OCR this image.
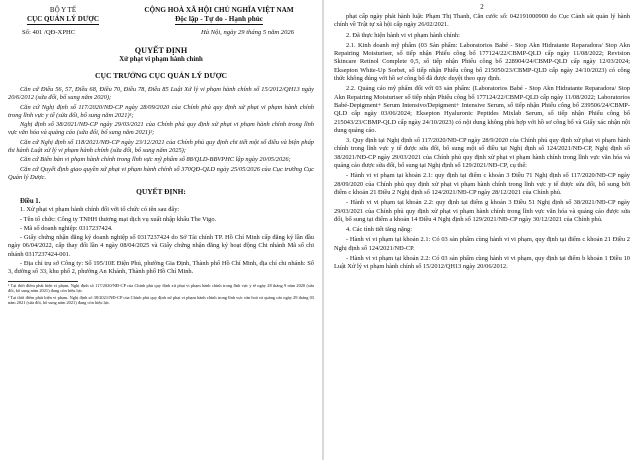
BỘ Y TẾ
CỤC QUẢN LÝ DƯỢC
CỘNG HOÀ XÃ HỘI CHỦ NGHĨA VIỆT NAM
Độc lập - Tự do - Hạnh phúc
Số: 401 /QĐ-XPHC	Hà Nội, ngày 29 tháng 5 năm 2026
QUYẾT ĐỊNH
Xử phạt vi phạm hành chính
CỤC TRƯỞNG CỤC QUẢN LÝ DƯỢC

Căn cứ Điều 56, 57, Điều 68, Điều 70, Điều 78, Điều 85 Luật Xử lý vi phạm hành chính số 15/2012/QH13 ngày 20/6/2012 (sửa đổi, bổ sung năm 2020);

Căn cứ Nghị định số 117/2020/NĐ-CP ngày 28/09/2020 của Chính phủ quy định xử phạt vi phạm hành chính trong lĩnh vực y tế (sửa đổi, bổ sung năm 2021)¹;

Nghị định số 38/2021/NĐ-CP ngày 29/03/2021 của Chính phủ quy định xử phạt vi phạm hành chính trong lĩnh vực văn hóa và quảng cáo (sửa đổi, bổ sung năm 2021)²;

Căn cứ Nghị định số 118/2021/NĐ-CP ngày 23/12/2021 của Chính phủ quy định chi tiết một số điều và biện pháp thi hành Luật xử lý vi phạm hành chính (sửa đổi, bổ sung năm 2025);

Căn cứ Biên bản vi phạm hành chính trong lĩnh vực mỹ phẩm số 88/QLD-BBVPHC lập ngày 20/05/2026;

Căn cứ Quyết định giao quyền xử phạt vi phạm hành chính số 370QĐ-QLD ngày 25/05/2026 của Cục trưởng Cục Quản lý Dược.

QUYẾT ĐỊNH:
Điều 1.

1. Xử phạt vi phạm hành chính đối với tổ chức có tên sau đây:

- Tên tổ chức: Công ty TNHH thương mại dịch vụ xuất nhập khẩu The Vigo.

- Mã số doanh nghiệp: 0317237424.

- Giấy chứng nhận đăng ký doanh nghiệp số 0317237424 do Sở Tài chính TP. Hồ Chí Minh cấp đăng ký lần đầu ngày 06/04/2022, cấp thay đổi lần 4 ngày 08/04/2025 và Giấy chứng nhận đăng ký hoạt động Chi nhánh Mã số chi nhánh 0317237424-001.

- Địa chỉ trụ sở Công ty: Số 195/10E Điện Phủ, phường Gia Định, Thành phố Hồ Chí Minh, địa chỉ chi nhánh: Số 3, đường số 33, khu phố 2, phường An Khánh, Thành phố Hồ Chí Minh.

¹ Tại thời điểm phát hiện vi phạm, Nghị định số 117/2020/NĐ-CP của Chính phủ quy định xử phạt vi phạm hành chính trong lĩnh vực y tế ngày 28 tháng 9 năm 2020 (sửa đổi, bổ sung năm 2021) đang còn hiệu lực.

² Tại thời điểm phát hiện vi phạm, Nghị định số 38/2021/NĐ-CP của Chính phủ quy định xử phạt vi phạm hành chính trong lĩnh vực văn hoá và quảng cáo ngày 29 tháng 03 năm 2021 (sửa đổi, bổ sung năm 2021) đang còn hiệu lực.

2

phạt cấp ngày phát hành luật: Phạm Thị Thanh, Căn cước số: 042191000900 do Cục Cảnh sát quản lý hành chính về Trật tự xã hội cấp ngày 26/02/2021.

2. Đã thực hiện hành vi vi phạm hành chính:

2.1. Kinh doanh mỹ phẩm (03 Sản phẩm: Laboratorios Babé - Stop Akn Hidratante Reparadora/ Stop Akn Repairing Moisturiser, số tiếp nhận Phiếu công bố 177124/22/CBMP-QLD cấp ngày 11/08/2022; Revision Skincare Retinol Complete 0,5, số tiếp nhận Phiếu công bố 228904/24/CBMP-QLD cấp ngày 12/03/2024; Eksepton White-Up Sorbet, số tiếp nhận Phiếu công bố 215050/23/CBMP-QLD cấp ngày 24/10/2023) có công thức không đúng với hồ sơ công bố đã được duyệt theo quy định.

2.2. Quảng cáo mỹ phẩm đối với 03 sản phẩm: (Laboratorios Babé - Stop Akn Hidratante Reparadora/ Stop Akn Repairing Moisturiser số tiếp nhận Phiếu công bố 177124/22/CBMP-QLD cấp ngày 11/08/2022; Laboratorios Babé-Depigment+ Serum Intensivo/Depigment+ Intensive Serum, số tiếp nhận Phiếu công bố 239506/24/CBMP-QLD cấp ngày 03/06/2024; Eksepton Hyaluronic Peptides Mixlab Serum, số tiếp nhận Phiếu công bố 215043/23/CBMP-QLD cấp ngày 24/10/2023) có nội dung không phù hợp với hồ sơ công bố và Giấy xác nhận nội dung quảng cáo.

3. Quy định tại Nghị định số 117/2020/NĐ-CP ngày 28/9/2020 của Chính phủ quy định xử phạt vi phạm hành chính trong lĩnh vực y tế được sửa đổi, bổ sung một số điều tại Nghị định số 124/2021/NĐ-CP, Nghị định số 38/2021/NĐ-CP ngày 29/03/2021 của Chính phủ quy định xử phạt vi phạm hành chính trong lĩnh vực văn hóa và quảng cáo được sửa đổi, bổ sung tại Nghị định số 129/2021/NĐ-CP, cụ thể:

- Hành vi vi phạm tại khoản 2.1: quy định tại điểm c khoản 3 Điều 71 Nghị định số 117/2020/NĐ-CP ngày 28/09/2020 của Chính phủ quy định xử phạt vi phạm hành chính trong lĩnh vực y tế được sửa đổi, bổ sung bởi điểm c khoản 21 Điều 2 Nghị định số 124/2021/NĐ-CP ngày 28/12/2021 của Chính phủ.

- Hành vi vi phạm tại khoản 2.2: quy định tại điểm g khoản 3 Điều 51 Nghị định số 38/2021/NĐ-CP ngày 29/03/2021 của Chính phủ quy định xử phạt vi phạm hành chính trong lĩnh vực văn hóa và quảng cáo được sửa đổi, bổ sung tại điểm a khoản 14 Điều 4 Nghị định số 129/2021/NĐ-CP ngày 30/12/2021 của Chính phủ.

4. Các tình tiết tăng nặng:

- Hành vi vi phạm tại khoản 2.1: Có 03 sản phẩm cùng hành vi vi phạm, quy định tại điểm c khoản 21 Điều 2 Nghị định số 124/2021/NĐ-CP.

- Hành vi vi phạm tại khoản 2.2: Có 03 sản phẩm cùng hành vi vi phạm, quy định tại điểm b khoản 1 Điều 10 Luật Xử lý vi phạm hành chính số 15/2012/QH13 ngày 20/06/2012.
